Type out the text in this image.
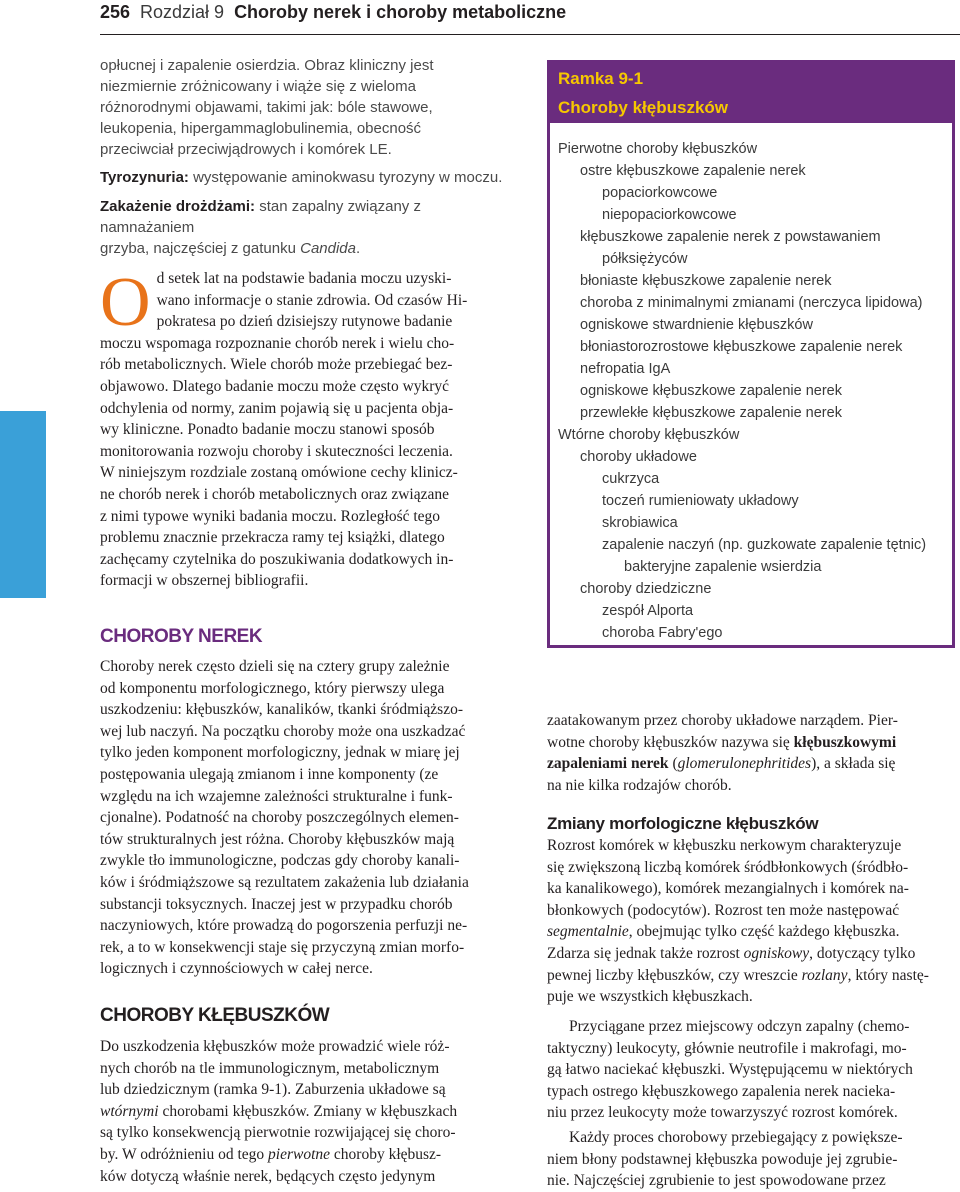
256 Rozdział 9 Choroby nerek i choroby metaboliczne

opłucnej i zapalenie osierdzia. Obraz kliniczny jest

niezmiernie zróżnicowany i wiąże się z wieloma

różnorodnymi objawami, takimi jak: bóle stawowe,

leukopenia, hipergammaglobulinemia, obecność

przeciwciał przeciwjądrowych i komórek LE.

Tyrozynuria: występowanie aminokwasu tyrozyny w moczu.

Zakażenie drożdżami: stan zapalny związany z namnażaniem

grzyba, najczęściej z gatunku Candida.

O d setek lat na podstawie badania moczu uzyski-

wano informacje o stanie zdrowia. Od czasów Hi-

pokratesa po dzień dzisiejszy rutynowe badanie

moczu wspomaga rozpoznanie chorób nerek i wielu cho-

rób metabolicznych. Wiele chorób może przebiegać bez-

objawowo. Dlatego badanie moczu może często wykryć

odchylenia od normy, zanim pojawią się u pacjenta obja-

wy kliniczne. Ponadto badanie moczu stanowi sposób

monitorowania rozwoju choroby i skuteczności leczenia.

W niniejszym rozdziale zostaną omówione cechy klinicz-

ne chorób nerek i chorób metabolicznych oraz związane

z nimi typowe wyniki badania moczu. Rozległość tego

problemu znacznie przekracza ramy tej książki, dlatego

zachęcamy czytelnika do poszukiwania dodatkowych in-

formacji w obszernej bibliografii.

CHOROBY NEREK

Choroby nerek często dzieli się na cztery grupy zależnie

od komponentu morfologicznego, który pierwszy ulega

uszkodzeniu: kłębuszków, kanalików, tkanki śródmiąższo-

wej lub naczyń. Na początku choroby może ona uszkadzać

tylko jeden komponent morfologiczny, jednak w miarę jej

postępowania ulegają zmianom i inne komponenty (ze

względu na ich wzajemne zależności strukturalne i funk-

cjonalne). Podatność na choroby poszczególnych elemen-

tów strukturalnych jest różna. Choroby kłębuszków mają

zwykle tło immunologiczne, podczas gdy choroby kanali-

ków i śródmiąższowe są rezultatem zakażenia lub działania

substancji toksycznych. Inaczej jest w przypadku chorób

naczyniowych, które prowadzą do pogorszenia perfuzji ne-

rek, a to w konsekwencji staje się przyczyną zmian morfo-

logicznych i czynnościowych w całej nerce.

CHOROBY KŁĘBUSZKÓW

Do uszkodzenia kłębuszków może prowadzić wiele róż-

nych chorób na tle immunologicznym, metabolicznym

lub dziedzicznym (ramka 9-1). Zaburzenia układowe są

wtórnymi chorobami kłębuszków. Zmiany w kłębuszkach

są tylko konsekwencją pierwotnie rozwijającej się choro-

by. W odróżnieniu od tego pierwotne choroby kłębusz-

ków dotyczą właśnie nerek, będących często jedynym

Ramka 9-1
Choroby kłębuszków
Pierwotne choroby kłębuszków
ostre kłębuszkowe zapalenie nerek
popaciorkowcowe
niepopaciorkowcowe
kłębuszkowe zapalenie nerek z powstawaniem
półksiężyców
błoniaste kłębuszkowe zapalenie nerek
choroba z minimalnymi zmianami (nerczyca lipidowa)
ogniskowe stwardnienie kłębuszków
błoniastorozrostowe kłębuszkowe zapalenie nerek
nefropatia IgA
ogniskowe kłębuszkowe zapalenie nerek
przewlekłe kłębuszkowe zapalenie nerek
Wtórne choroby kłębuszków
choroby układowe
cukrzyca
toczeń rumieniowaty układowy
skrobiawica
zapalenie naczyń (np. guzkowate zapalenie tętnic)
bakteryjne zapalenie wsierdzia
choroby dziedziczne
zespół Alporta
choroba Fabry'ego

zaatakowanym przez choroby układowe narządem. Pier-

wotne choroby kłębuszków nazywa się kłębuszkowymi

zapaleniami nerek (glomerulonephritides), a składa się

na nie kilka rodzajów chorób.

Zmiany morfologiczne kłębuszków

Rozrost komórek w kłębuszku nerkowym charakteryzuje

się zwiększoną liczbą komórek śródbłonkowych (śródbło-

ka kanalikowego), komórek mezangialnych i komórek na-

błonkowych (podocytów). Rozrost ten może następować

segmentalnie, obejmując tylko część każdego kłębuszka.

Zdarza się jednak także rozrost ogniskowy, dotyczący tylko

pewnej liczby kłębuszków, czy wreszcie rozlany, który nastę-

puje we wszystkich kłębuszkach.

Przyciągane przez miejscowy odczyn zapalny (chemo-

taktyczny) leukocyty, głównie neutrofile i makrofagi, mo-

gą łatwo naciekać kłębuszki. Występującemu w niektórych

typach ostrego kłębuszkowego zapalenia nerek naciekа-

niu przez leukocyty może towarzyszyć rozrost komórek.

Każdy proces chorobowy przebiegający z powiększe-

niem błony podstawnej kłębuszka powoduje jej zgrubie-

nie. Najczęściej zgrubienie to jest spowodowane przez
